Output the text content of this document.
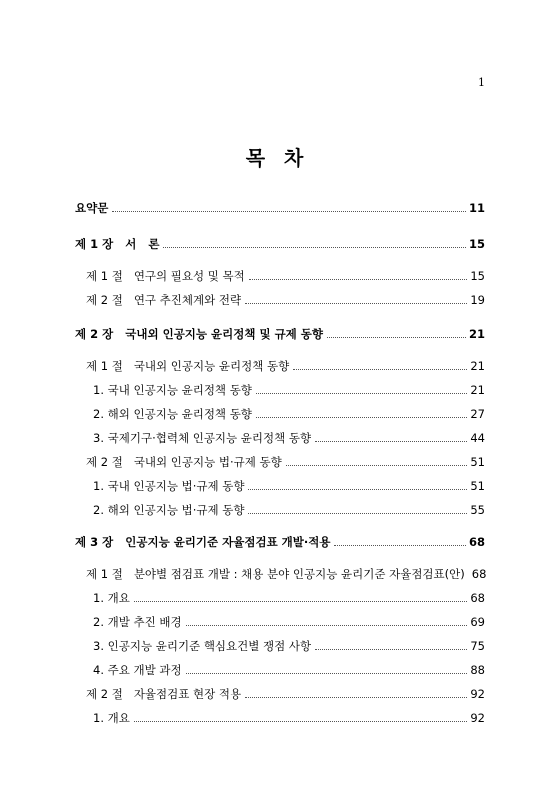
1
목 차
요약문	11
제 1 장 서   론	15
제 1 절 연구의 필요성 및 목적	15
제 2 절 연구 추진체계와 전략	19
제 2 장 국내외 인공지능 윤리정책 및 규제 동향	21
제 1 절 국내외 인공지능 윤리정책 동향	21
1. 국내 인공지능 윤리정책 동향	21
2. 해외 인공지능 윤리정책 동향	27
3. 국제기구·협력체 인공지능 윤리정책 동향	44
제 2 절 국내외 인공지능 법·규제 동향	51
1. 국내 인공지능 법·규제 동향	51
2. 해외 인공지능 법·규제 동향	55
제 3 장 인공지능 윤리기준 자율점검표 개발·적용	68
제 1 절 분야별 점검표 개발 : 채용 분야 인공지능 윤리기준 자율점검표(안) 68
1. 개요	68
2. 개발 추진 배경	69
3. 인공지능 윤리기준 핵심요건별 쟁점 사항	75
4. 주요 개발 과정	88
제 2 절 자율점검표 현장 적용	92
1. 개요	92
